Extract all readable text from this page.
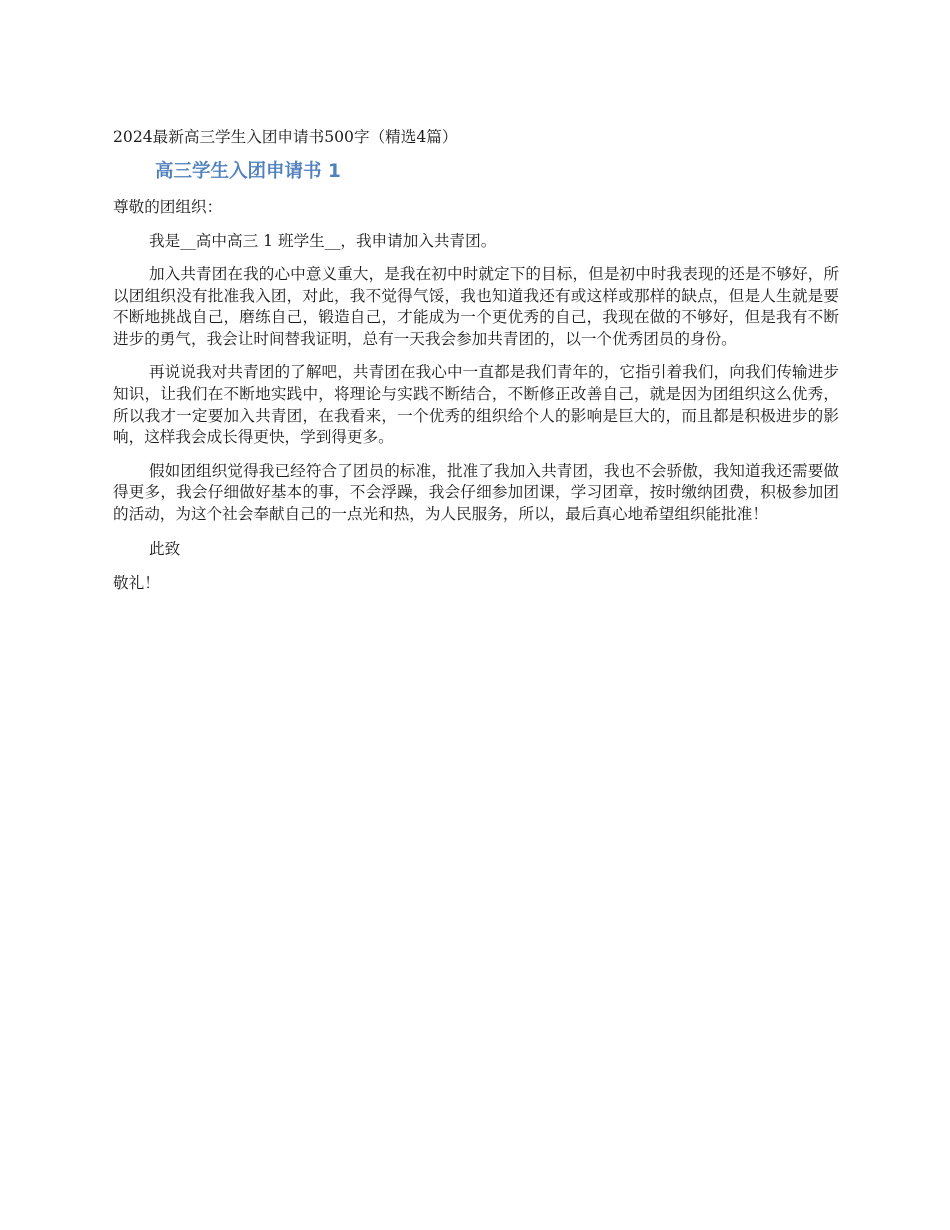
2024最新高三学生入团申请书500字（精选4篇）
高三学生入团申请书 1
尊敬的团组织：
我是__高中高三 1 班学生__，我申请加入共青团。
加入共青团在我的心中意义重大，是我在初中时就定下的目标，但是初中时我表现的还是不够好，所以团组织没有批准我入团，对此，我不觉得气馁，我也知道我还有或这样或那样的缺点，但是人生就是要不断地挑战自己，磨练自己，锻造自己，才能成为一个更优秀的自己，我现在做的不够好，但是我有不断进步的勇气，我会让时间替我证明，总有一天我会参加共青团的，以一个优秀团员的身份。
再说说我对共青团的了解吧，共青团在我心中一直都是我们青年的，它指引着我们，向我们传输进步知识，让我们在不断地实践中，将理论与实践不断结合，不断修正改善自己，就是因为团组织这么优秀，所以我才一定要加入共青团，在我看来，一个优秀的组织给个人的影响是巨大的，而且都是积极进步的影响，这样我会成长得更快，学到得更多。
假如团组织觉得我已经符合了团员的标准，批准了我加入共青团，我也不会骄傲，我知道我还需要做得更多，我会仔细做好基本的事，不会浮躁，我会仔细参加团课，学习团章，按时缴纳团费，积极参加团的活动，为这个社会奉献自己的一点光和热，为人民服务，所以，最后真心地希望组织能批准！
此致
敬礼！
